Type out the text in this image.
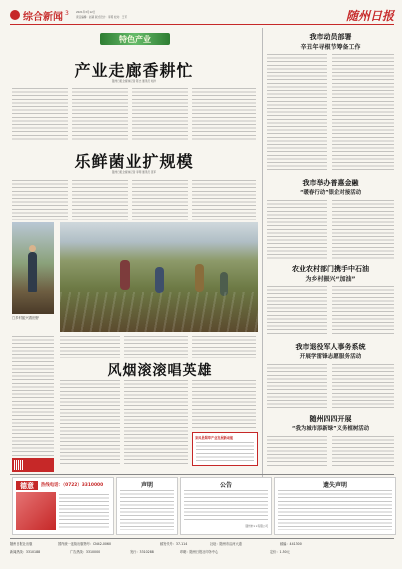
综合新闻 3	2021年3月12日
责任编辑：赵颖 版式设计：李莉 校对：王芳	随州日报
特色产业
产业走廊香耕忙
随州日报全媒体记者 陈志 通讯员 刘洋
乐鲜菌业扩规模
随州日报全媒体记者 李明 通讯员 张军
□乡村振兴看田野
风烟滚滚唱英雄
来凤县烟草产业发展新动能
我市动员部署
辛丑年寻根节筹备工作
我市举办普惠金融
“暖春行动”银企对接活动
农业农村部门携手中石油
为乡村振兴“加油”
我市退役军人事务系统
开展学雷锋志愿服务活动
随州四四开展
“我为城市添新绿”义务植树活动
德意	热线电话：（0722）3310000	声明	公告
随州市××有限公司
遗失声明
随州日报社出版	国内统一连续出版物号：CN42-0060	邮发代号：37-114	社址：随州市沿河大道	邮编：441300
新闻热线：3310188	广告热线：3310000	发行：3310288	印刷：随州日报社印务中心	定价：1.50元
